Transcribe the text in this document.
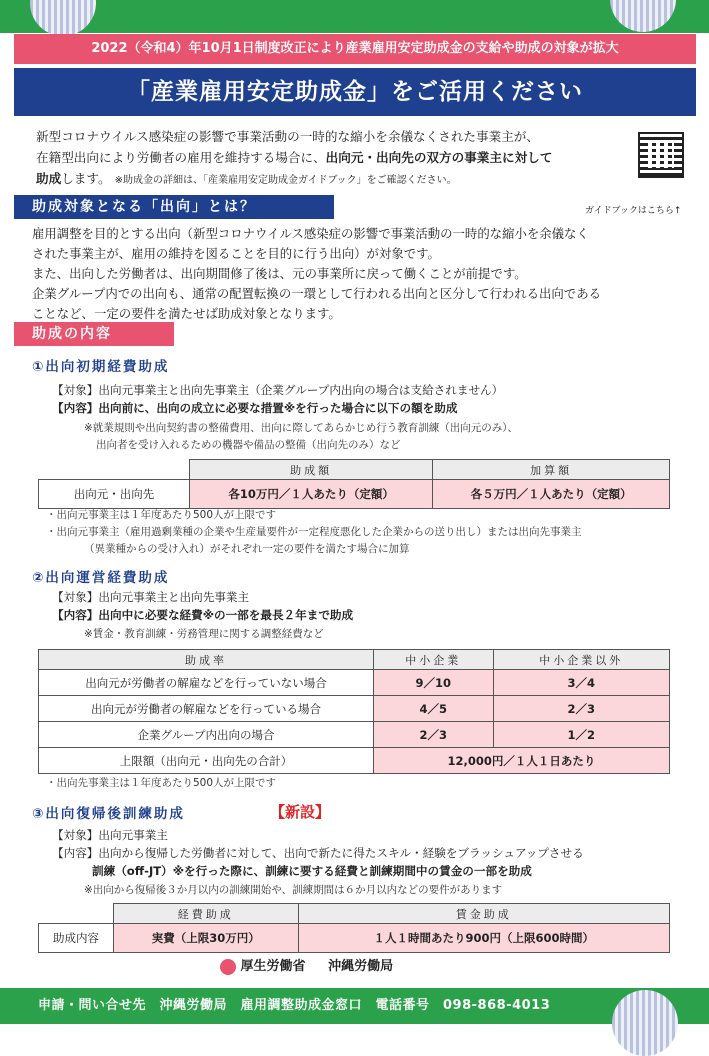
2022（令和4）年10月1日制度改正により産業雇用安定助成金の支給や助成の対象が拡大
「産業雇用安定助成金」をご活用ください
新型コロナウイルス感染症の影響で事業活動の一時的な縮小を余儀なくされた事業主が、
在籍型出向により労働者の雇用を維持する場合に、出向元・出向先の双方の事業主に対して
助成します。 ※助成金の詳細は、「産業雇用安定助成金ガイドブック」をご確認ください。
助成対象となる「出向」とは？	ガイドブックはこちら↑
雇用調整を目的とする出向（新型コロナウイルス感染症の影響で事業活動の一時的な縮小を余儀なく
された事業主が、雇用の維持を図ることを目的に行う出向）が対象です。
また、出向した労働者は、出向期間修了後は、元の事業所に戻って働くことが前提です。
企業グループ内での出向も、通常の配置転換の一環として行われる出向と区分して行われる出向である
ことなど、一定の要件を満たせば助成対象となります。
助成の内容
①出向初期経費助成
【対象】出向元事業主と出向先事業主（企業グループ内出向の場合は支給されません）
【内容】出向前に、出向の成立に必要な措置※を行った場合に以下の額を助成
※就業規則や出向契約書の整備費用、出向に際してあらかじめ行う教育訓練（出向元のみ）、
出向者を受け入れるための機器や備品の整備（出向先のみ）など
	助成額	加算額
出向元・出向先	各10万円／１人あたり（定額）	各５万円／１人あたり（定額）
・出向元事業主は１年度あたり500人が上限です
・出向元事業主（雇用過剰業種の企業や生産量要件が一定程度悪化した企業からの送り出し）または出向先事業主
（異業種からの受け入れ）がそれぞれ一定の要件を満たす場合に加算
②出向運営経費助成
【対象】出向元事業主と出向先事業主
【内容】出向中に必要な経費※の一部を最長２年まで助成
※賃金・教育訓練・労務管理に関する調整経費など
助成率	中小企業	中小企業以外
出向元が労働者の解雇などを行っていない場合	9／10	3／4
出向元が労働者の解雇などを行っている場合	4／5	2／3
企業グループ内出向の場合	2／3	1／2
上限額（出向元・出向先の合計）	12,000円／１人１日あたり	
・出向先事業主は１年度あたり500人が上限です
③出向復帰後訓練助成	【新設】
【対象】出向元事業主
【内容】出向から復帰した労働者に対して、出向で新たに得たスキル・経験をブラッシュアップさせる
訓練（off-JT）※を行った際に、訓練に要する経費と訓練期間中の賃金の一部を助成
※出向から復帰後３か月以内の訓練開始や、訓練期間は６か月以内などの要件があります
	経費助成	賃金助成
助成内容	実費（上限30万円）	１人１時間あたり900円（上限600時間）
厚生労働省 沖縄労働局
申請・問い合せ先　沖縄労働局　雇用調整助成金窓口　電話番号　098-868-4013
